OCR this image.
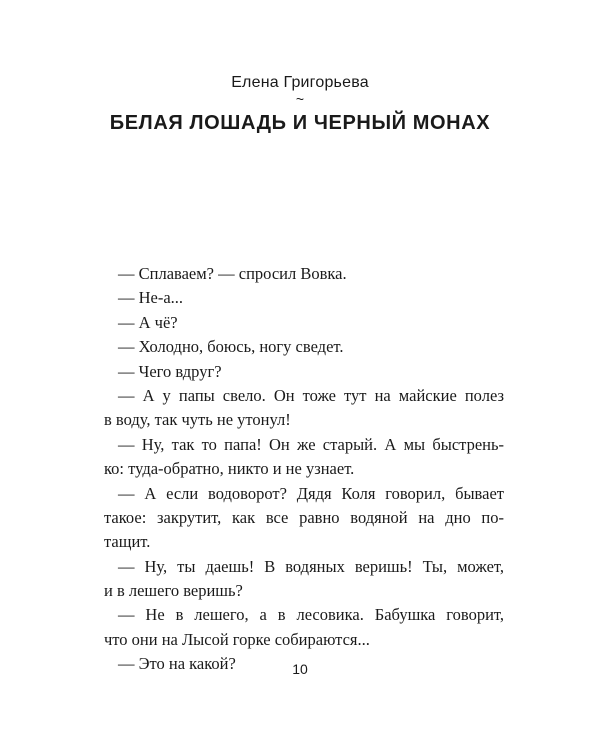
Елена Григорьева
~
БЕЛАЯ ЛОШАДЬ И ЧЕРНЫЙ МОНАХ
— Сплаваем? — спросил Вовка.
— Не-а...
— А чё?
— Холодно, боюсь, ногу сведет.
— Чего вдруг?
— А у папы свело. Он тоже тут на майские полез
в воду, так чуть не утонул!
— Ну, так то папа! Он же старый. А мы быстрень-
ко: туда-обратно, никто и не узнает.
— А если водоворот? Дядя Коля говорил, бывает
такое: закрутит, как все равно водяной на дно по-
тащит.
— Ну, ты даешь! В водяных веришь! Ты, может,
и в лешего веришь?
— Не в лешего, а в лесовика. Бабушка говорит,
что они на Лысой горке собираются...
— Это на какой?	10
